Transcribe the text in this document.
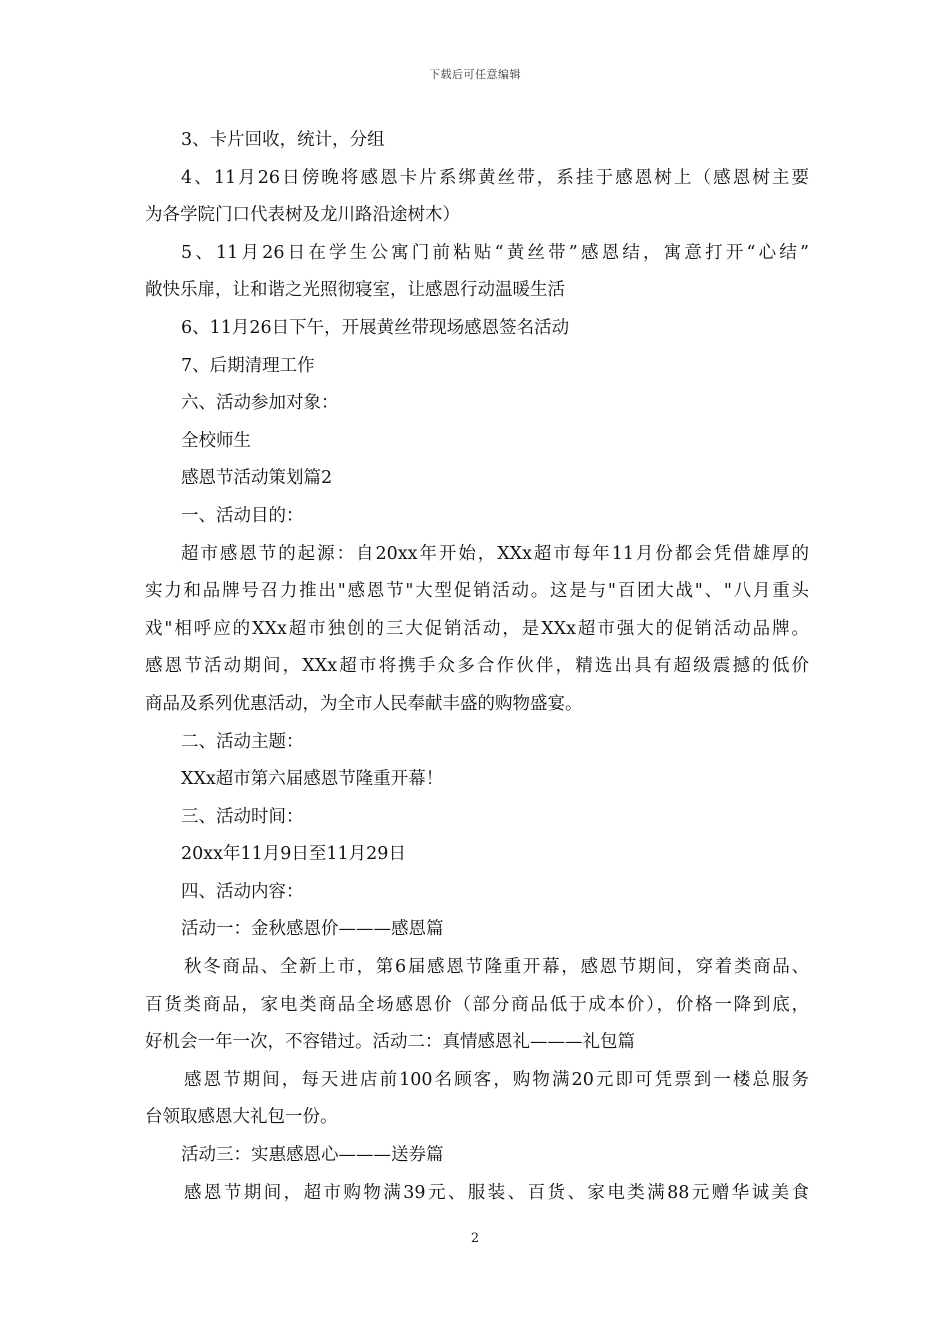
下载后可任意编辑
3、卡片回收，统计，分组
4、11月26日傍晚将感恩卡片系绑黄丝带，系挂于感恩树上（感恩树主要
为各学院门口代表树及龙川路沿途树木）
5、11月26日在学生公寓门前粘贴“黄丝带”感恩结，寓意打开“心结”
敞快乐扉，让和谐之光照彻寝室，让感恩行动温暖生活
6、11月26日下午，开展黄丝带现场感恩签名活动
7、后期清理工作
六、活动参加对象：
全校师生
感恩节活动策划篇2
一、活动目的：
超市感恩节的起源：自20xx年开始，XXx超市每年11月份都会凭借雄厚的
实力和品牌号召力推出"感恩节"大型促销活动。这是与"百团大战"、"八月重头
戏"相呼应的XXx超市独创的三大促销活动，是XXx超市强大的促销活动品牌。
感恩节活动期间，XXx超市将携手众多合作伙伴，精选出具有超级震撼的低价
商品及系列优惠活动，为全市人民奉献丰盛的购物盛宴。
二、活动主题：
XXx超市第六届感恩节隆重开幕！
三、活动时间：
20xx年11月9日至11月29日
四、活动内容：
活动一：金秋感恩价———感恩篇
秋冬商品、全新上市，第6届感恩节隆重开幕，感恩节期间，穿着类商品、
百货类商品，家电类商品全场感恩价（部分商品低于成本价），价格一降到底，
好机会一年一次，不容错过。活动二：真情感恩礼———礼包篇
感恩节期间，每天进店前100名顾客，购物满20元即可凭票到一楼总服务
台领取感恩大礼包一份。
活动三：实惠感恩心———送券篇
感恩节期间，超市购物满39元、服装、百货、家电类满88元赠华诚美食
2
